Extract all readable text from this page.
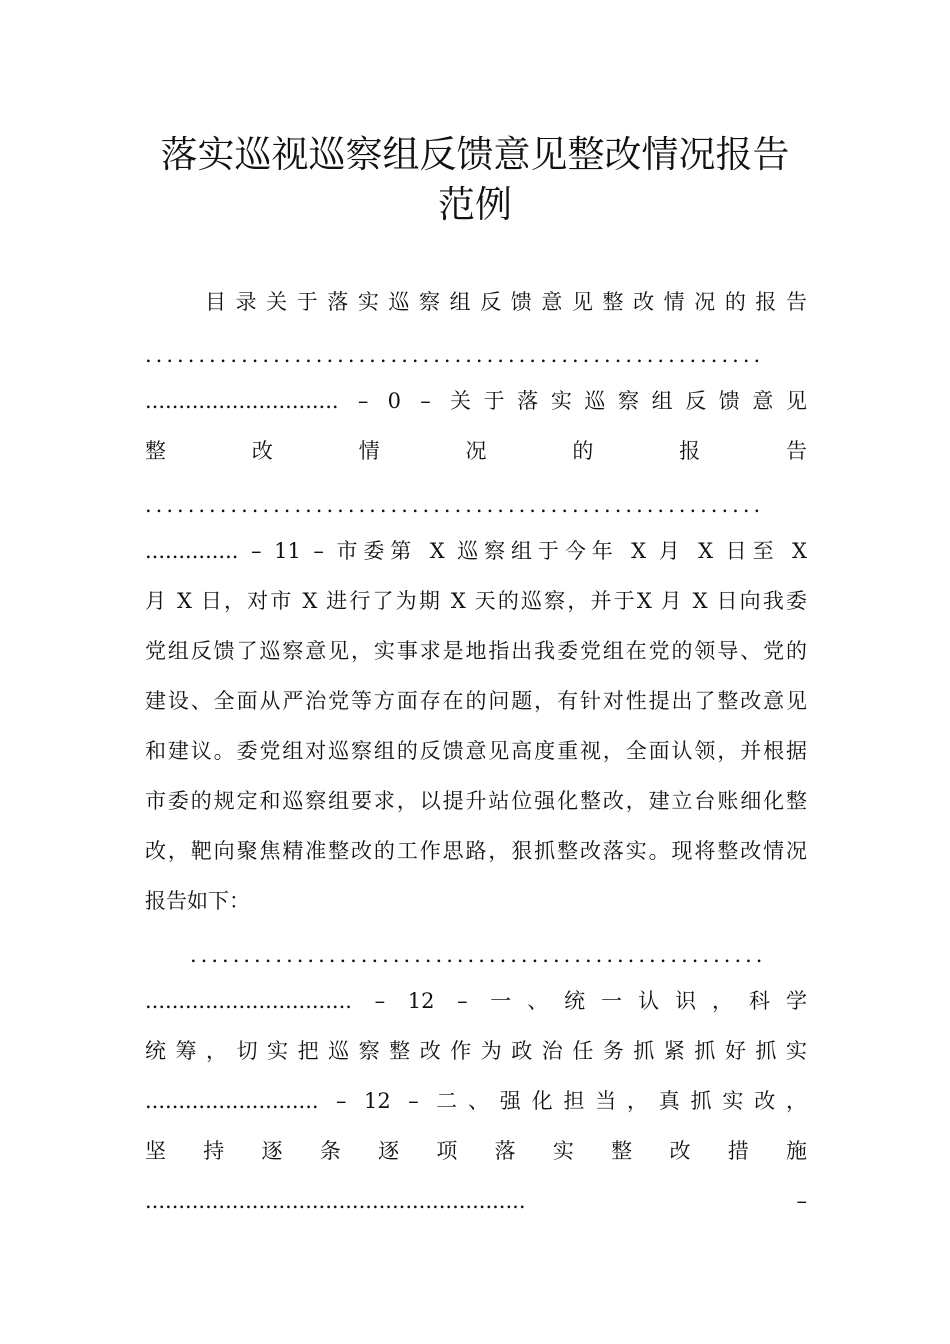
落实巡视巡察组反馈意见整改情况报告
范例
目 录 关 于 落 实 巡 察 组 反 馈 意 见 整 改 情 况 的 报 告
..........................................................
............................. – 0 – 关于落实巡察组反馈意见
整 改 情 况 的 报 告
..........................................................
.............. – 11 – 市委第 X 巡察组于今年 X 月 X 日至 X
月 X 日，对市 X 进行了为期 X 天的巡察，并于X 月 X 日向我委
党组反馈了巡察意见，实事求是地指出我委党组在党的领导、党的
建设、全面从严治党等方面存在的问题，有针对性提出了整改意见
和建议。委党组对巡察组的反馈意见高度重视，全面认领，并根据
市委的规定和巡察组要求，以提升站位强化整改，建立台账细化整
改，靶向聚焦精准整改的工作思路，狠抓整改落实。现将整改情况
报告如下：
......................................................
............................... – 12 – 一、统一认识，科学
统 筹 ， 切 实 把 巡 察 整 改 作 为 政 治 任 务 抓 紧 抓 好 抓 实
.......................... – 12 – 二、强化担当，真抓实改，
坚 持 逐 条 逐 项 落 实 整 改 措 施
......................................................... –
